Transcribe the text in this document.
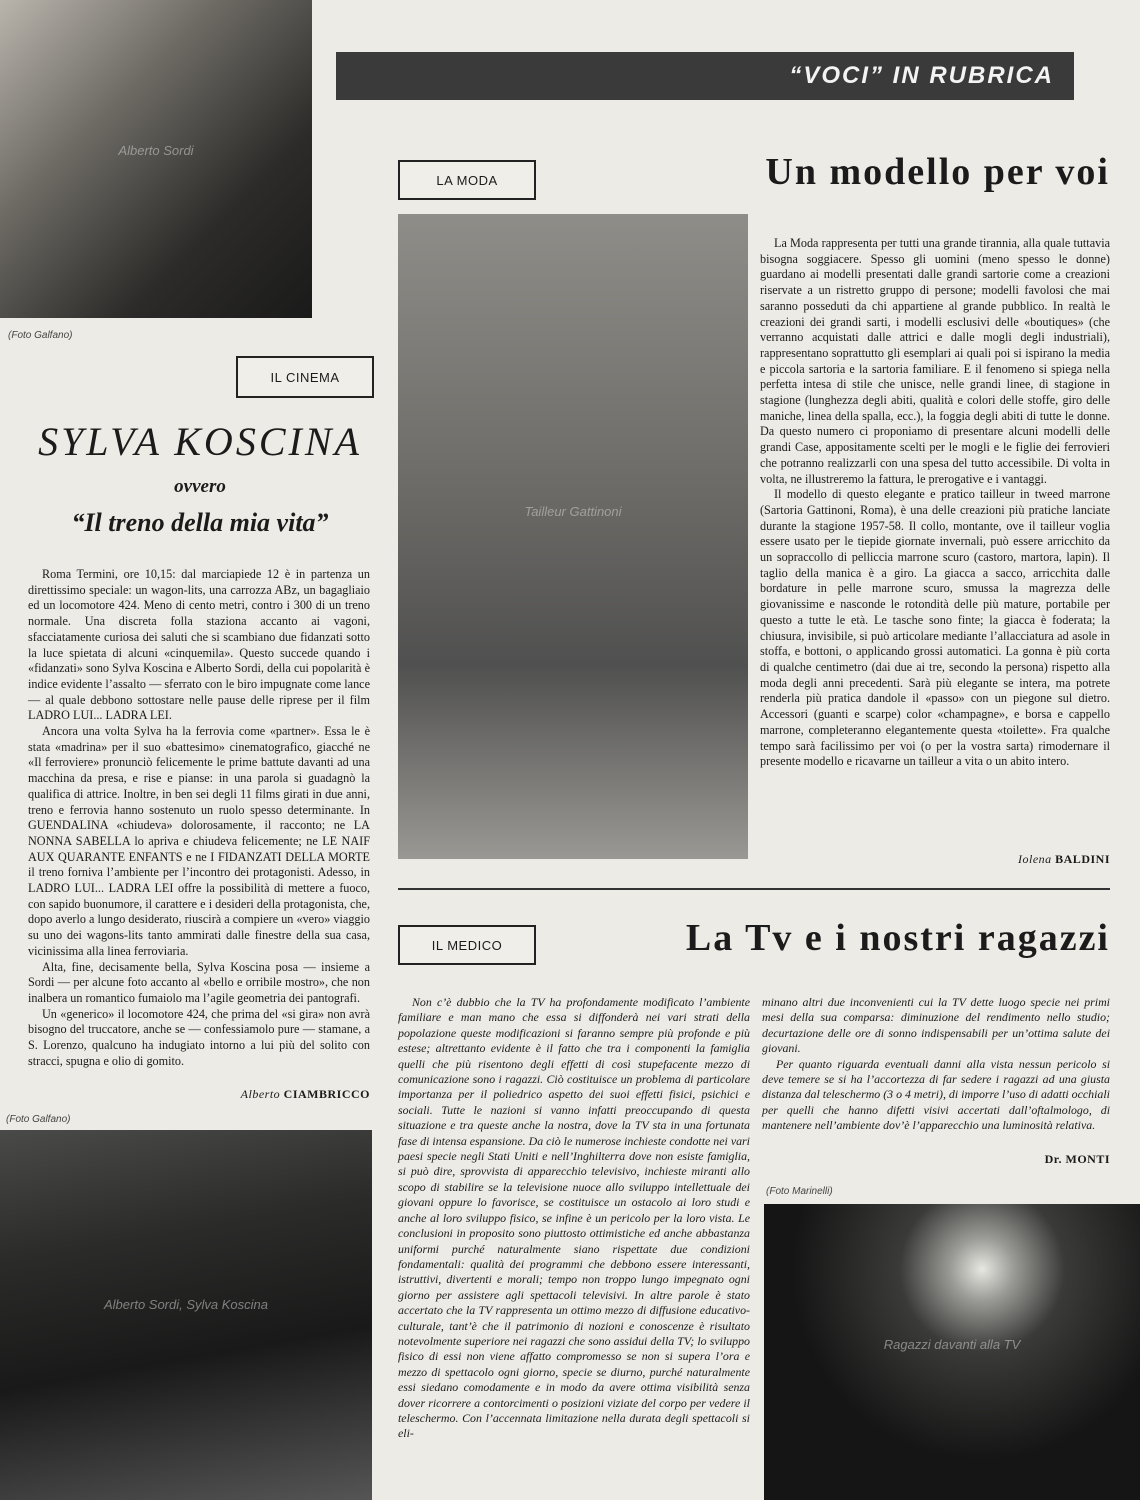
Alberto Sordi
(Foto Galfano)
“VOCI” IN RUBRICA
IL CINEMA
SYLVA KOSCINA
ovvero
“Il treno della mia vita”

Roma Termini, ore 10,15: dal marciapiede 12 è in partenza un direttissimo speciale: un wagon-lits, una carrozza ABz, un bagagliaio ed un locomotore 424. Meno di cento metri, contro i 300 di un treno normale. Una discreta folla staziona accanto ai vagoni, sfacciatamente curiosa dei saluti che si scambiano due fidanzati sotto la luce spietata di alcuni «cinquemila». Questo succede quando i «fidanzati» sono Sylva Koscina e Alberto Sordi, della cui popolarità è indice evidente l’assalto — sferrato con le biro impugnate come lance — al quale debbono sottostare nelle pause delle riprese per il film LADRO LUI... LADRA LEI.

Ancora una volta Sylva ha la ferrovia come «partner». Essa le è stata «madrina» per il suo «battesimo» cinematografico, giacché ne «Il ferroviere» pronunciò felicemente le prime battute davanti ad una macchina da presa, e rise e pianse: in una parola si guadagnò la qualifica di attrice. Inoltre, in ben sei degli 11 films girati in due anni, treno e ferrovia hanno sostenuto un ruolo spesso determinante. In GUENDALINA «chiudeva» dolorosamente, il racconto; ne LA NONNA SABELLA lo apriva e chiudeva felicemente; ne LE NAIF AUX QUARANTE ENFANTS e ne I FIDANZATI DELLA MORTE il treno forniva l’ambiente per l’incontro dei protagonisti. Adesso, in LADRO LUI... LADRA LEI offre la possibilità di mettere a fuoco, con sapido buonumore, il carattere e i desideri della protagonista, che, dopo averlo a lungo desiderato, riuscirà a compiere un «vero» viaggio su uno dei wagons-lits tanto ammirati dalle finestre della sua casa, vicinissima alla linea ferroviaria.

Alta, fine, decisamente bella, Sylva Koscina posa — insieme a Sordi — per alcune foto accanto al «bello e orribile mostro», che non inalbera un romantico fumaiolo ma l’agile geometria dei pantografi.

Un «generico» il locomotore 424, che prima del «si gira» non avrà bisogno del truccatore, anche se — confessiamolo pure — stamane, a S. Lorenzo, qualcuno ha indugiato intorno a lui più del solito con stracci, spugna e olio di gomito.

Alberto CIAMBRICCO
(Foto Galfano)
Alberto Sordi, Sylva Koscina
LA MODA	Un modello per voi
Tailleur Gattinoni

La Moda rappresenta per tutti una grande tirannia, alla quale tuttavia bisogna soggiacere. Spesso gli uomini (meno spesso le donne) guardano ai modelli presentati dalle grandi sartorie come a creazioni riservate a un ristretto gruppo di persone; modelli favolosi che mai saranno posseduti da chi appartiene al grande pubblico. In realtà le creazioni dei grandi sarti, i modelli esclusivi delle «boutiques» (che verranno acquistati dalle attrici e dalle mogli degli industriali), rappresentano soprattutto gli esemplari ai quali poi si ispirano la media e piccola sartoria e la sartoria familiare. E il fenomeno si spiega nella perfetta intesa di stile che unisce, nelle grandi linee, di stagione in stagione (lunghezza degli abiti, qualità e colori delle stoffe, giro delle maniche, linea della spalla, ecc.), la foggia degli abiti di tutte le donne. Da questo numero ci proponiamo di presentare alcuni modelli delle grandi Case, appositamente scelti per le mogli e le figlie dei ferrovieri che potranno realizzarli con una spesa del tutto accessibile. Di volta in volta, ne illustreremo la fattura, le prerogative e i vantaggi.

Il modello di questo elegante e pratico tailleur in tweed marrone (Sartoria Gattinoni, Roma), è una delle creazioni più pratiche lanciate durante la stagione 1957-58. Il collo, montante, ove il tailleur voglia essere usato per le tiepide giornate invernali, può essere arricchito da un sopraccollo di pelliccia marrone scuro (castoro, martora, lapin). Il taglio della manica è a giro. La giacca a sacco, arricchita dalle bordature in pelle marrone scuro, smussa la magrezza delle giovanissime e nasconde le rotondità delle più mature, portabile per questo a tutte le età. Le tasche sono finte; la giacca è foderata; la chiusura, invisibile, si può articolare mediante l’allacciatura ad asole in stoffa, e bottoni, o applicando grossi automatici. La gonna è più corta di qualche centimetro (dai due ai tre, secondo la persona) rispetto alla moda degli anni precedenti. Sarà più elegante se intera, ma potrete renderla più pratica dandole il «passo» con un piegone sul dietro. Accessori (guanti e scarpe) color «champagne», e borsa e cappello marrone, completeranno elegantemente questa «toilette». Fra qualche tempo sarà facilissimo per voi (o per la vostra sarta) rimodernare il presente modello e ricavarne un tailleur a vita o un abito intero.

Iolena BALDINI
IL MEDICO	La Tv e i nostri ragazzi

Non c’è dubbio che la TV ha profondamente modificato l’ambiente familiare e man mano che essa si diffonderà nei vari strati della popolazione queste modificazioni si faranno sempre più profonde e più estese; altrettanto evidente è il fatto che tra i componenti la famiglia quelli che più risentono degli effetti di così stupefacente mezzo di comunicazione sono i ragazzi. Ciò costituisce un problema di particolare importanza per il poliedrico aspetto dei suoi effetti fisici, psichici e sociali. Tutte le nazioni si vanno infatti preoccupando di questa situazione e tra queste anche la nostra, dove la TV sta in una fortunata fase di intensa espansione. Da ciò le numerose inchieste condotte nei vari paesi specie negli Stati Uniti e nell’Inghilterra dove non esiste famiglia, si può dire, sprovvista di apparecchio televisivo, inchieste miranti allo scopo di stabilire se la televisione nuoce allo sviluppo intellettuale dei giovani oppure lo favorisce, se costituisce un ostacolo ai loro studi e anche al loro sviluppo fisico, se infine è un pericolo per la loro vista. Le conclusioni in proposito sono piuttosto ottimistiche ed anche abbastanza uniformi purché naturalmente siano rispettate due condizioni fondamentali: qualità dei programmi che debbono essere interessanti, istruttivi, divertenti e morali; tempo non troppo lungo impegnato ogni giorno per assistere agli spettacoli televisivi. In altre parole è stato accertato che la TV rappresenta un ottimo mezzo di diffusione educativo-culturale, tant’è che il patrimonio di nozioni e conoscenze è risultato notevolmente superiore nei ragazzi che sono assidui della TV; lo sviluppo fisico di essi non viene affatto compromesso se non si supera l’ora e mezzo di spettacolo ogni giorno, specie se diurno, purché naturalmente essi siedano comodamente e in modo da avere ottima visibilità senza dover ricorrere a contorcimenti o posizioni viziate del corpo per vedere il teleschermo. Con l’accennata limitazione nella durata degli spettacoli si eli-

minano altri due inconvenienti cui la TV dette luogo specie nei primi mesi della sua comparsa: diminuzione del rendimento nello studio; decurtazione delle ore di sonno indispensabili per un’ottima salute dei giovani.

Per quanto riguarda eventuali danni alla vista nessun pericolo si deve temere se si ha l’accortezza di far sedere i ragazzi ad una giusta distanza dal teleschermo (3 o 4 metri), di imporre l’uso di adatti occhiali per quelli che hanno difetti visivi accertati dall’oftalmologo, di mantenere nell’ambiente dov’è l’apparecchio una luminosità relativa.

Dr. MONTI
(Foto Marinelli)
Ragazzi davanti alla TV
